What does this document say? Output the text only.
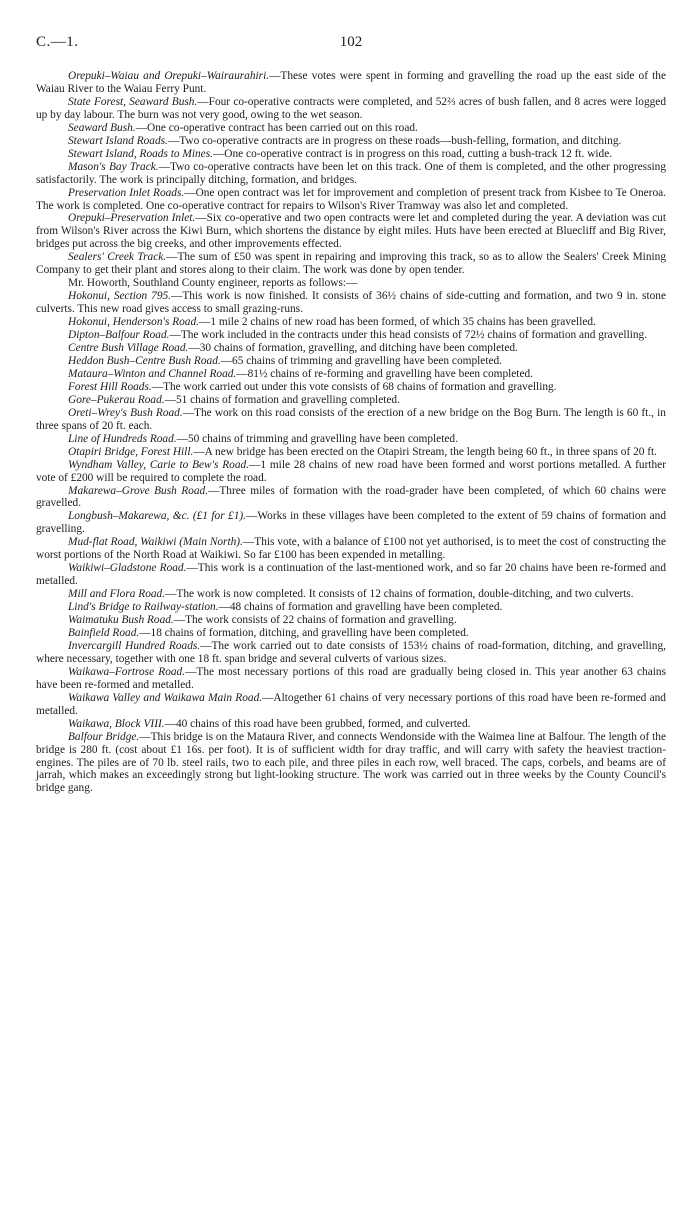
C.—1.	102

Orepuki–Waiau and Orepuki–Wairaurahiri.—These votes were spent in forming and gravelling the road up the east side of the Waiau River to the Waiau Ferry Punt.

State Forest, Seaward Bush.—Four co-operative contracts were completed, and 52⅔ acres of bush fallen, and 8 acres were logged up by day labour. The burn was not very good, owing to the wet season.

Seaward Bush.—One co-operative contract has been carried out on this road.

Stewart Island Roads.—Two co-operative contracts are in progress on these roads—bush-felling, formation, and ditching.

Stewart Island, Roads to Mines.—One co-operative contract is in progress on this road, cutting a bush-track 12 ft. wide.

Mason's Bay Track.—Two co-operative contracts have been let on this track. One of them is completed, and the other progressing satisfactorily. The work is principally ditching, formation, and bridges.

Preservation Inlet Roads.—One open contract was let for improvement and completion of present track from Kisbee to Te Oneroa. The work is completed. One co-operative contract for repairs to Wilson's River Tramway was also let and completed.

Orepuki–Preservation Inlet.—Six co-operative and two open contracts were let and completed during the year. A deviation was cut from Wilson's River across the Kiwi Burn, which shortens the distance by eight miles. Huts have been erected at Bluecliff and Big River, bridges put across the big creeks, and other improvements effected.

Sealers' Creek Track.—The sum of £50 was spent in repairing and improving this track, so as to allow the Sealers' Creek Mining Company to get their plant and stores along to their claim. The work was done by open tender.

Mr. Howorth, Southland County engineer, reports as follows:—

Hokonui, Section 795.—This work is now finished. It consists of 36½ chains of side-cutting and formation, and two 9 in. stone culverts. This new road gives access to small grazing-runs.

Hokonui, Henderson's Road.—1 mile 2 chains of new road has been formed, of which 35 chains has been gravelled.

Dipton–Balfour Road.—The work included in the contracts under this head consists of 72½ chains of formation and gravelling.

Centre Bush Village Road.—30 chains of formation, gravelling, and ditching have been completed.

Heddon Bush–Centre Bush Road.—65 chains of trimming and gravelling have been completed.

Mataura–Winton and Channel Road.—81½ chains of re-forming and gravelling have been completed.

Forest Hill Roads.—The work carried out under this vote consists of 68 chains of formation and gravelling.

Gore–Pukerau Road.—51 chains of formation and gravelling completed.

Oreti–Wrey's Bush Road.—The work on this road consists of the erection of a new bridge on the Bog Burn. The length is 60 ft., in three spans of 20 ft. each.

Line of Hundreds Road.—50 chains of trimming and gravelling have been completed.

Otapiri Bridge, Forest Hill.—A new bridge has been erected on the Otapiri Stream, the length being 60 ft., in three spans of 20 ft.

Wyndham Valley, Carie to Bew's Road.—1 mile 28 chains of new road have been formed and worst portions metalled. A further vote of £200 will be required to complete the road.

Makarewa–Grove Bush Road.—Three miles of formation with the road-grader have been completed, of which 60 chains were gravelled.

Longbush–Makarewa, &c. (£1 for £1).—Works in these villages have been completed to the extent of 59 chains of formation and gravelling.

Mud-flat Road, Waikiwi (Main North).—This vote, with a balance of £100 not yet authorised, is to meet the cost of constructing the worst portions of the North Road at Waikiwi. So far £100 has been expended in metalling.

Waikiwi–Gladstone Road.—This work is a continuation of the last-mentioned work, and so far 20 chains have been re-formed and metalled.

Mill and Flora Road.—The work is now completed. It consists of 12 chains of formation, double-ditching, and two culverts.

Lind's Bridge to Railway-station.—48 chains of formation and gravelling have been completed.

Waimatuku Bush Road.—The work consists of 22 chains of formation and gravelling.

Bainfield Road.—18 chains of formation, ditching, and gravelling have been completed.

Invercargill Hundred Roads.—The work carried out to date consists of 153½ chains of road-formation, ditching, and gravelling, where necessary, together with one 18 ft. span bridge and several culverts of various sizes.

Waikawa–Fortrose Road.—The most necessary portions of this road are gradually being closed in. This year another 63 chains have been re-formed and metalled.

Waikawa Valley and Waikawa Main Road.—Altogether 61 chains of very necessary portions of this road have been re-formed and metalled.

Waikawa, Block VIII.—40 chains of this road have been grubbed, formed, and culverted.

Balfour Bridge.—This bridge is on the Mataura River, and connects Wendonside with the Waimea line at Balfour. The length of the bridge is 280 ft. (cost about £1 16s. per foot). It is of sufficient width for dray traffic, and will carry with safety the heaviest traction-engines. The piles are of 70 lb. steel rails, two to each pile, and three piles in each row, well braced. The caps, corbels, and beams are of jarrah, which makes an exceedingly strong but light-looking structure. The work was carried out in three weeks by the County Council's bridge gang.
